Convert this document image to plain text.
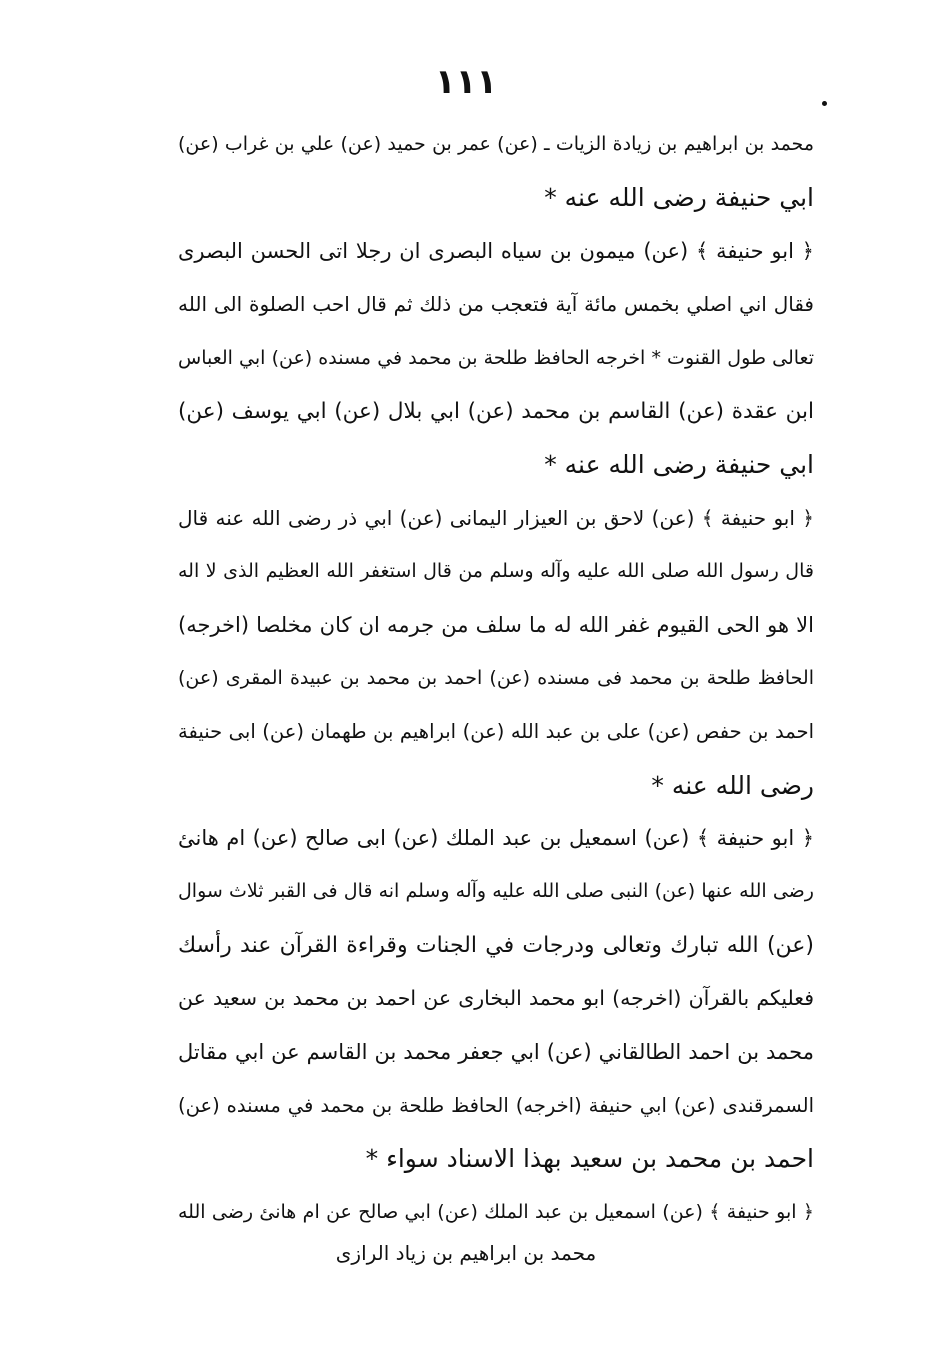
١١١
محمد بن ابراهيم بن زيادة الزيات ـ (عن) عمر بن حميد (عن) علي بن غراب (عن)
ابي حنيفة رضى الله عنه *
﴿ ابو حنيفة ﴾ (عن) ميمون بن سياه البصرى ان رجلا اتى الحسن البصرى
فقال اني اصلي بخمس مائة آية فتعجب من ذلك ثم قال احب الصلوة الى الله
تعالى طول القنوت * اخرجه الحافظ طلحة بن محمد في مسنده (عن) ابي العباس
ابن عقدة (عن) القاسم بن محمد (عن) ابي بلال (عن) ابي يوسف (عن)
ابي حنيفة رضى الله عنه *
﴿ ابو حنيفة ﴾ (عن) لاحق بن العيزار اليمانى (عن) ابي ذر رضى الله عنه قال
قال رسول الله صلى الله عليه وآله وسلم من قال استغفر الله العظيم الذى لا اله
الا هو الحى القيوم غفر الله له ما سلف من جرمه ان كان مخلصا (اخرجه)
الحافظ طلحة بن محمد فى مسنده (عن) احمد بن محمد بن عبيدة المقرى (عن)
احمد بن حفص (عن) على بن عبد الله (عن) ابراهيم بن طهمان (عن) ابى حنيفة
رضى الله عنه *
﴿ ابو حنيفة ﴾ (عن) اسمعيل بن عبد الملك (عن) ابى صالح (عن) ام هانئ
رضى الله عنها (عن) النبى صلى الله عليه وآله وسلم انه قال فى القبر ثلاث سوال
(عن) الله تبارك وتعالى ودرجات في الجنات وقراءة القرآن عند رأسك
فعليكم بالقرآن (اخرجه) ابو محمد البخارى عن احمد بن محمد بن سعيد عن
محمد بن احمد الطالقاني (عن) ابي جعفر محمد بن القاسم عن ابي مقاتل
السمرقندى (عن) ابي حنيفة (اخرجه) الحافظ طلحة بن محمد في مسنده (عن)
احمد بن محمد بن سعيد بهذا الاسناد سواء *
﴿ ابو حنيفة ﴾ (عن) اسمعيل بن عبد الملك (عن) ابي صالح عن ام هانئ رضى الله
محمد بن ابراهيم بن زياد الرازى
